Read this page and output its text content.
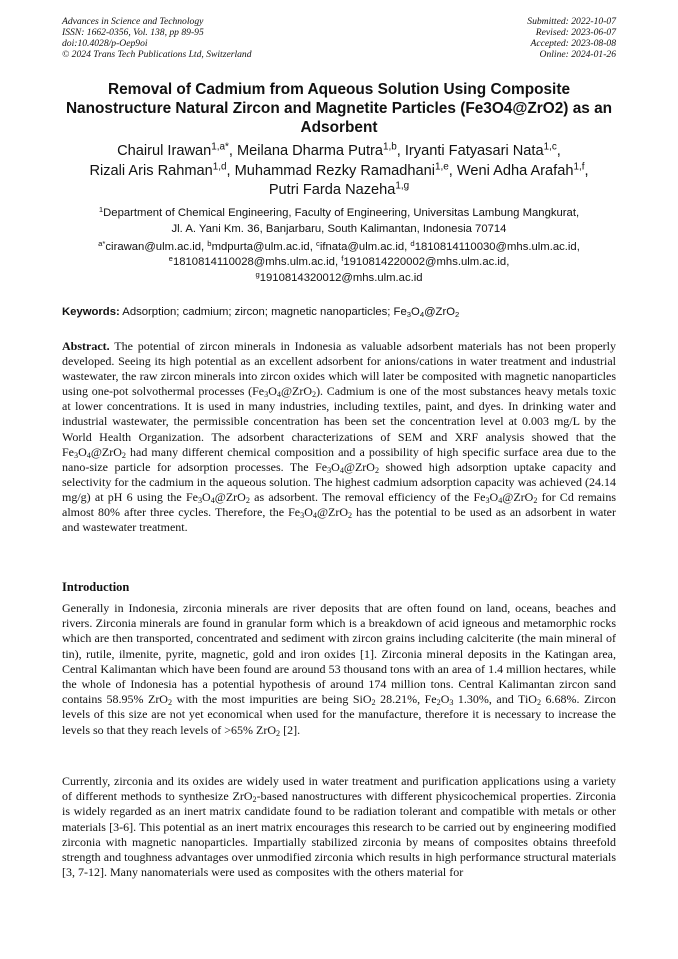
Advances in Science and Technology
ISSN: 1662-0356, Vol. 138, pp 89-95
doi:10.4028/p-Oep9oi
© 2024 Trans Tech Publications Ltd, Switzerland
Submitted: 2022-10-07
Revised: 2023-06-07
Accepted: 2023-08-08
Online: 2024-01-26
Removal of Cadmium from Aqueous Solution Using Composite Nanostructure Natural Zircon and Magnetite Particles (Fe3O4@ZrO2) as an Adsorbent
Chairul Irawan$^{1,a*}$, Meilana Dharma Putra$^{1,b}$, Iryanti Fatyasari Nata$^{1,c}$,
Rizali Aris Rahman$^{1,d}$, Muhammad Rezky Ramadhani$^{1,e}$, Weni Adha Arafah$^{1,f}$,
Putri Farda Nazeha$^{1,g}$
$^1$Department of Chemical Engineering, Faculty of Engineering, Universitas Lambung Mangkurat,
Jl. A. Yani Km. 36, Banjarbaru, South Kalimantan, Indonesia 70714
$^{a*}$cirawan@ulm.ac.id, $^b$mdpurta@ulm.ac.id, $^c$ifnata@ulm.ac.id, $^d$1810814110030@mhs.ulm.ac.id,
$^e$1810814110028@mhs.ulm.ac.id, $^f$1910814220002@mhs.ulm.ac.id,
$^g$1910814320012@mhs.ulm.ac.id
Keywords: Adsorption; cadmium; zircon; magnetic nanoparticles; $Fe_3O_4@ZrO_2$
Abstract. The potential of zircon minerals in Indonesia as valuable adsorbent materials has not been properly developed. Seeing its high potential as an excellent adsorbent for anions/cations in water treatment and industrial wastewater, the raw zircon minerals into zircon oxides which will later be composited with magnetic nanoparticles using one-pot solvothermal processes $(Fe_3O_4@ZrO_2)$. Cadmium is one of the most substances heavy metals toxic at lower concentrations. It is used in many industries, including textiles, paint, and dyes. In drinking water and industrial wastewater, the permissible concentration has been set the concentration level at 0.003 mg/L by the World Health Organization. The adsorbent characterizations of SEM and XRF analysis showed that the $Fe_3O_4@ZrO_2$ had many different chemical composition and a possibility of high specific surface area due to the nano-size particle for adsorption processes. The $Fe_3O_4@ZrO_2$ showed high adsorption uptake capacity and selectivity for the cadmium in the aqueous solution. The highest cadmium adsorption capacity was achieved (24.14 mg/g) at pH 6 using the $Fe_3O_4@ZrO_2$ as adsorbent. The removal efficiency of the $Fe_3O_4@ZrO_2$ for Cd remains almost 80% after three cycles. Therefore, the $Fe_3O_4@ZrO_2$ has the potential to be used as an adsorbent in water and wastewater treatment.
Introduction
Generally in Indonesia, zirconia minerals are river deposits that are often found on land, oceans, beaches and rivers. Zirconia minerals are found in granular form which is a breakdown of acid igneous and metamorphic rocks which are then transported, concentrated and sediment with zircon grains including calciterite (the main mineral of tin), rutile, ilmenite, pyrite, magnetic, gold and iron oxides [1]. Zirconia mineral deposits in the Katingan area, Central Kalimantan which have been found are around 53 thousand tons with an area of 1.4 million hectares, while the whole of Indonesia has a potential hypothesis of around 174 million tons. Central Kalimantan zircon sand contains 58.95% ZrO$_2$ with the most impurities are being SiO$_2$ 28.21%, $Fe_2O_3$ 1.30%, and TiO$_2$ 6.68%. Zircon levels of this size are not yet economical when used for the manufacture, therefore it is necessary to increase the levels so that they reach levels of >65% ZrO$_2$ [2].
Currently, zirconia and its oxides are widely used in water treatment and purification applications using a variety of different methods to synthesize ZrO$_2$-based nanostructures with different physicochemical properties. Zirconia is widely regarded as an inert matrix candidate found to be radiation tolerant and compatible with metals or other materials [3-6]. This potential as an inert matrix encourages this research to be carried out by engineering modified zirconia with magnetic nanoparticles. Impartially stabilized zirconia by means of composites obtains threefold strength and toughness advantages over unmodified zirconia which results in high performance structural materials [3, 7-12]. Many nanomaterials were used as composites with the others material for
